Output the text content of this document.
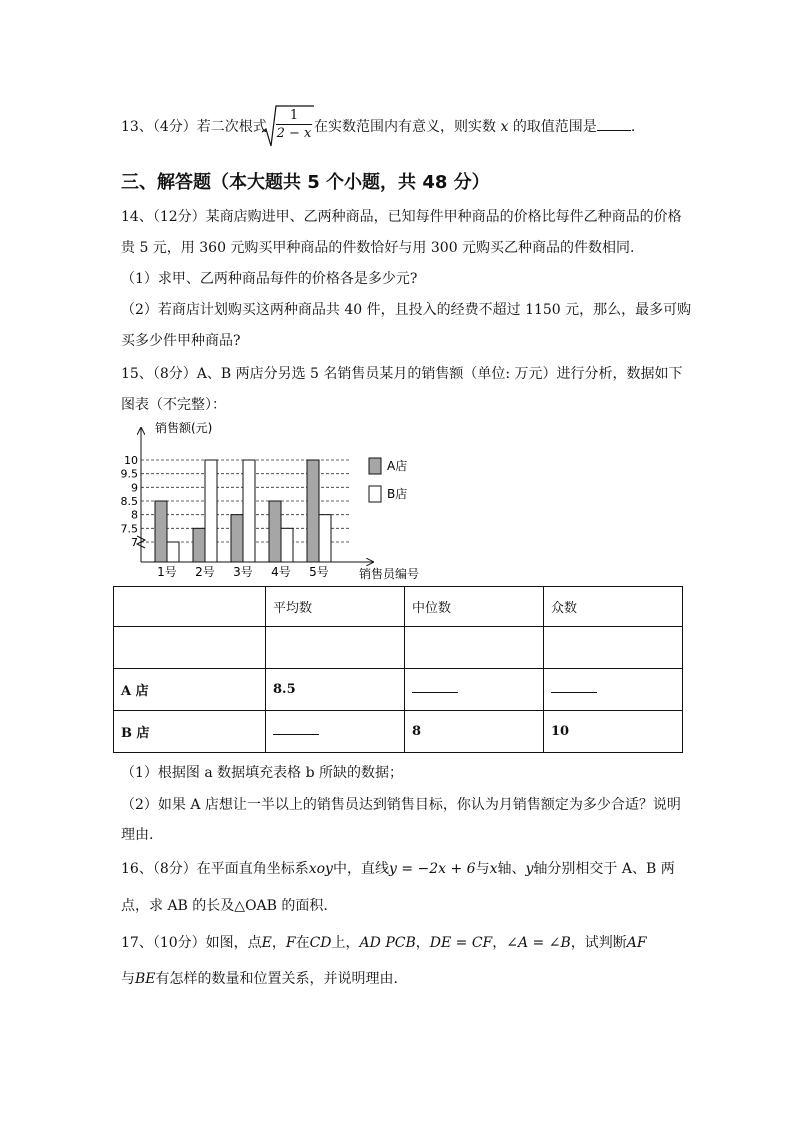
13、（4分）若二次根式 $\frac{1}{2 - x}$ 在实数范围内有意义，则实数 x 的取值范围是 .
三、解答题（本大题共 5 个小题，共 48 分）
14、（12分）某商店购进甲、乙两种商品，已知每件甲种商品的价格比每件乙种商品的价格
贵 5 元，用 360 元购买甲种商品的件数恰好与用 300 元购买乙种商品的件数相同.
（1）求甲、乙两种商品每件的价格各是多少元?
（2）若商店计划购买这两种商品共 40 件，且投入的经费不超过 1150 元，那么，最多可购
买多少件甲种商品?
15、（8分）A、B 两店分另选 5 名销售员某月的销售额（单位: 万元）进行分析，数据如下
图表（不完整）：
销售额(元)
销售员编号
7
7.5
8
8.5
9
9.5
10
1号 2号 3号 4号 5号
A店
B店
	平均数	中位数	众数

A 店	8.5		
B 店		8	10
（1）根据图 a 数据填充表格 b 所缺的数据；
（2）如果 A 店想让一半以上的销售员达到销售目标，你认为月销售额定为多少合适？说明
理由.
16、（8分）在平面直角坐标系xoy中，直线y = −2x + 6与x轴、y轴分别相交于 A、B 两
点，求 AB 的长及△OAB 的面积.
17、（10分）如图，点E，F在CD上，AD PCB，DE = CF，∠A = ∠B，试判断AF
与BE有怎样的数量和位置关系，并说明理由.
